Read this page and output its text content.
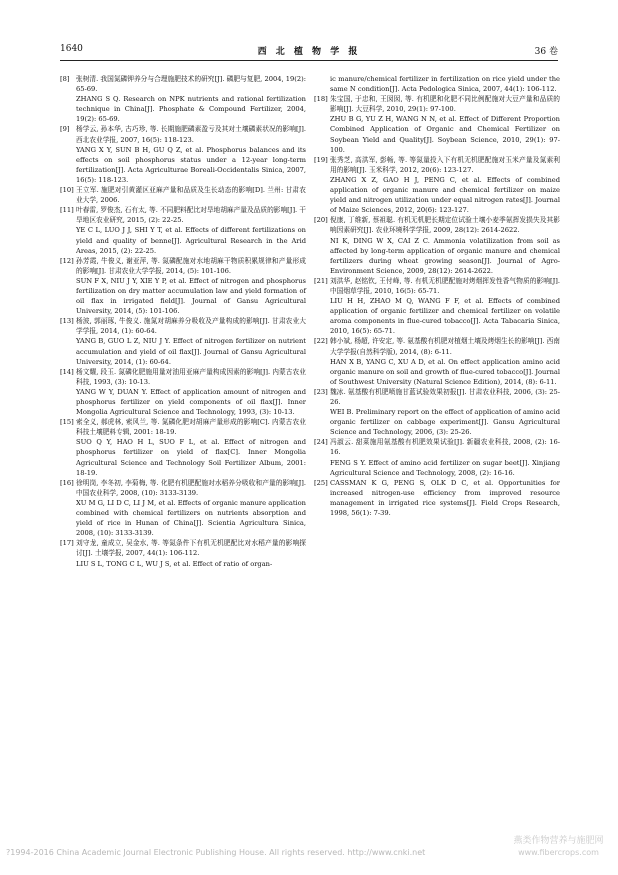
1640	西 北 植 物 学 报	36 卷
[8] 张树清. 我国氮磷钾养分与合理施肥技术的研究[J]. 磷肥与复肥, 2004, 19(2): 65-69.
ZHANG S Q. Research on NPK nutrients and rational fertilization technique in China[J]. Phosphate & Compound Fertilizer, 2004, 19(2): 65-69.
[9] 杨学云, 孙本华, 古巧珍, 等. 长期施肥磷素盈亏及其对土壤磷素状况的影响[J]. 西北农业学报, 2007, 16(5): 118-123.
YANG X Y, SUN B H, GU Q Z, et al. Phosphorus balances and its effects on soil phosphorus status under a 12-year long-term fertilization[J]. Acta Agriculturae Boreali-Occidentalis Sinica, 2007, 16(5): 118-123.
[10] 王立军. 施肥对引黄灌区亚麻产量和品质及生长动态的影响[D]. 兰州: 甘肃农业大学, 2006.
[11] 叶春雷, 罗俊杰, 石有太, 等. 不同肥料配比对旱地胡麻产量及品质的影响[J]. 干旱地区农业研究, 2015, (2): 22-25.
YE C L, LUO J J, SHI Y T, et al. Effects of different fertilizations on yield and quality of benne[J]. Agricultural Research in the Arid Areas, 2015, (2): 22-25.
[12] 孙芳霞, 牛俊义, 谢亚萍, 等. 氮磷配施对水地胡麻干物质积累规律和产量形成的影响[J]. 甘肃农业大学学报, 2014, (5): 101-106.
SUN F X, NIU J Y, XIE Y P, et al. Effect of nitrogen and phosphorus fertilization on dry matter accumulation law and yield formation of oil flax in irrigated field[J]. Journal of Gansu Agricultural University, 2014, (5): 101-106.
[13] 杨波, 郭丽琢, 牛俊义. 施氮对胡麻养分吸收及产量构成的影响[J]. 甘肃农业大学学报, 2014, (1): 60-64.
YANG B, GUO L Z, NIU J Y. Effect of nitrogen fertilizer on nutrient accumulation and yield of oil flax[J]. Journal of Gansu Agricultural University, 2014, (1): 60-64.
[14] 杨文耀, 段玉. 氮磷化肥施用量对油用亚麻产量构成因素的影响[J]. 内蒙古农业科技, 1993, (3): 10-13.
YANG W Y, DUAN Y. Effect of application amount of nitrogen and phosphorus fertilizer on yield components of oil flax[J]. Inner Mongolia Agricultural Science and Technology, 1993, (3): 10-13.
[15] 索全义, 郝虎林, 索风兰, 等. 氮磷化肥对胡麻产量形成的影响[C]. 内蒙古农业科技土壤肥料专辑, 2001: 18-19.
SUO Q Y, HAO H L, SUO F L, et al. Effect of nitrogen and phosphorus fertilizer on yield of flax[C]. Inner Mongolia Agricultural Science and Technology Soil Fertilizer Album, 2001: 18-19.
[16] 徐明岗, 李冬初, 李菊梅, 等. 化肥有机肥配施对水稻养分吸收和产量的影响[J]. 中国农业科学, 2008, (10): 3133-3139.
XU M G, LI D C, LI J M, et al. Effects of organic manure application combined with chemical fertilizers on nutrients absorption and yield of rice in Hunan of China[J]. Scientia Agricultura Sinica, 2008, (10): 3133-3139.
[17] 刘守龙, 童成立, 吴金水, 等. 等氮条件下有机无机肥配比对水稻产量的影响探讨[J]. 土壤学报, 2007, 44(1): 106-112.
LIU S L, TONG C L, WU J S, et al. Effect of ratio of organ-
ic manure/chemical fertilizer in fertilization on rice yield under the same N condition[J]. Acta Pedologica Sinica, 2007, 44(1): 106-112.
[18] 朱宝国, 于忠和, 王囡囡, 等. 有机肥和化肥不同比例配施对大豆产量和品质的影响[J]. 大豆科学, 2010, 29(1): 97-100.
ZHU B G, YU Z H, WANG N N, et al. Effect of Different Proportion Combined Application of Organic and Chemical Fertilizer on Soybean Yield and Quality[J]. Soybean Science, 2010, 29(1): 97-100.
[19] 张秀芝, 高洪军, 彭畅, 等. 等氮量投入下有机无机肥配施对玉米产量及氮素利用的影响[J]. 玉米科学, 2012, 20(6): 123-127.
ZHANG X Z, GAO H J, PENG C, et al. Effects of combined application of organic manure and chemical fertilizer on maize yield and nitrogen utilization under equal nitrogen rates[J]. Journal of Maize Sciences, 2012, 20(6): 123-127.
[20] 倪康, 丁维新, 蔡祖聪. 有机无机肥长期定位试验土壤小麦季氨挥发损失及其影响因素研究[J]. 农业环境科学学报, 2009, 28(12): 2614-2622.
NI K, DING W X, CAI Z C. Ammonia volatilization from soil as affected by long-term application of organic manure and chemical fertilizers during wheat growing season[J]. Journal of Agro-Environment Science, 2009, 28(12): 2614-2622.
[21] 刘洪华, 赵铭钦, 王付峰, 等. 有机无机肥配施对烤烟挥发性香气物质的影响[J]. 中国烟草学报, 2010, 16(5): 65-71.
LIU H H, ZHAO M Q, WANG F F, et al. Effects of combined application of organic fertilizer and chemical fertilizer on volatile aroma components in flue-cured tobacco[J]. Acta Tabacaria Sinica, 2010, 16(5): 65-71.
[22] 韩小斌, 杨超, 许安定, 等. 氨基酸有机肥对植烟土壤及烤烟生长的影响[J]. 西南大学学报(自然科学版), 2014, (8): 6-11.
HAN X B, YANG C, XU A D, et al. On effect application amino acid organic manure on soil and growth of flue-cured tobacco[J]. Journal of Southwest University (Natural Science Edition), 2014, (8): 6-11.
[23] 魏冰. 氨基酸有机肥喷施甘蓝试验效果初报[J]. 甘肃农业科技, 2006, (3): 25-26.
WEI B. Preliminary report on the effect of application of amino acid organic fertilizer on cabbage experiment[J]. Gansu Agricultural Science and Technology, 2006, (3): 25-26.
[24] 冯淑云. 甜菜施用氨基酸有机肥效果试验[J]. 新疆农业科技, 2008, (2): 16-16.
FENG S Y. Effect of amino acid fertilizer on sugar beet[J]. Xinjiang Agricultural Science and Technology, 2008, (2): 16-16.
[25] CASSMAN K G, PENG S, OLK D C, et al. Opportunities for increased nitrogen-use efficiency from improved resource management in irrigated rice systems[J]. Field Crops Research, 1998, 56(1): 7-39.
?1994-2016 China Academic Journal Electronic Publishing House. All rights reserved. http://www.cnki.net
燕类作物营养与施肥网
www.fibercrops.com
